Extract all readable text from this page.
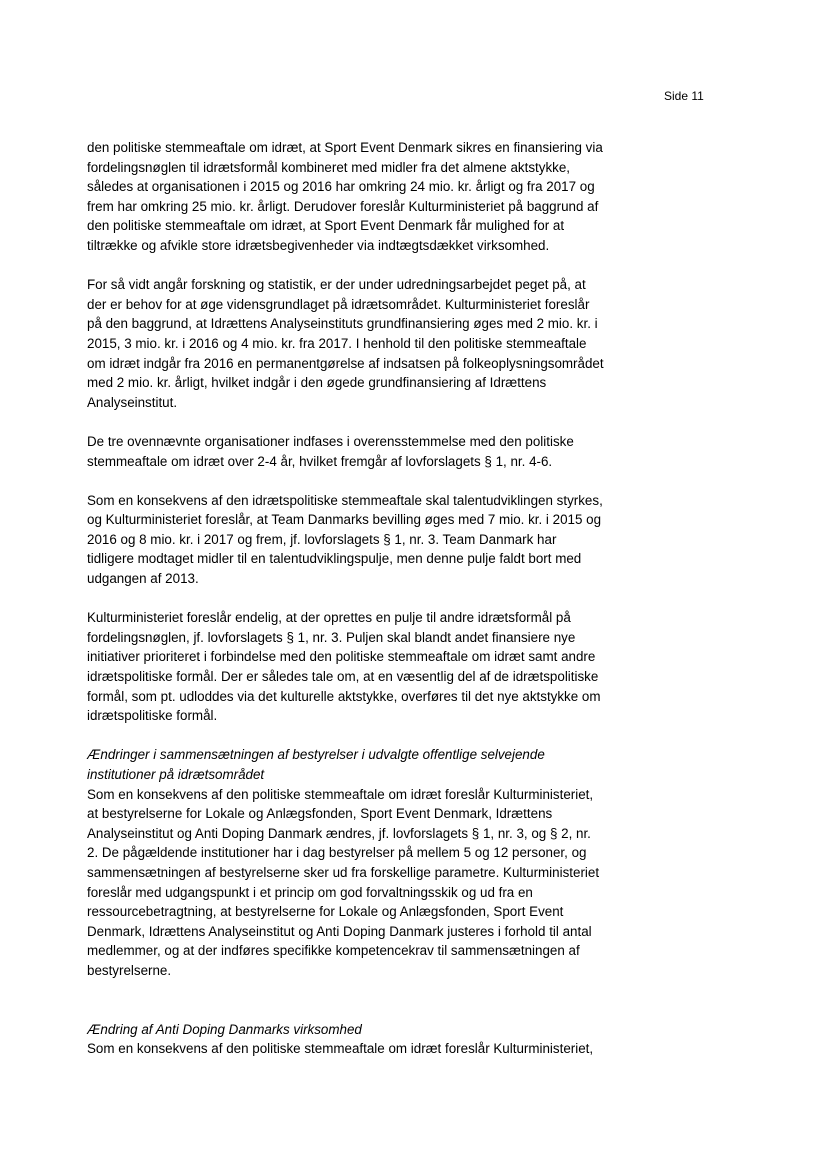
Side 11
den politiske stemmeaftale om idræt, at Sport Event Denmark sikres en finansiering via
fordelingsnøglen til idrætsformål kombineret med midler fra det almene aktstykke,
således at organisationen i 2015 og 2016 har omkring 24 mio. kr. årligt og fra 2017 og
frem har omkring 25 mio. kr. årligt. Derudover foreslår Kulturministeriet på baggrund af
den politiske stemmeaftale om idræt, at Sport Event Denmark får mulighed for at
tiltrække og afvikle store idrætsbegivenheder via indtægtsdækket virksomhed.
For så vidt angår forskning og statistik, er der under udredningsarbejdet peget på, at
der er behov for at øge vidensgrundlaget på idrætsområdet. Kulturministeriet foreslår
på den baggrund, at Idrættens Analyseinstituts grundfinansiering øges med 2 mio. kr. i
2015, 3 mio. kr. i 2016 og 4 mio. kr. fra 2017. I henhold til den politiske stemmeaftale
om idræt indgår fra 2016 en permanentgørelse af indsatsen på folkeoplysningsområdet
med 2 mio. kr. årligt, hvilket indgår i den øgede grundfinansiering af Idrættens
Analyseinstitut.
De tre ovennævnte organisationer indfases i overensstemmelse med den politiske
stemmeaftale om idræt over 2-4 år, hvilket fremgår af lovforslagets § 1, nr. 4-6.
Som en konsekvens af den idrætspolitiske stemmeaftale skal talentudviklingen styrkes,
og Kulturministeriet foreslår, at Team Danmarks bevilling øges med 7 mio. kr. i 2015 og
2016 og 8 mio. kr. i 2017 og frem, jf. lovforslagets § 1, nr. 3. Team Danmark har
tidligere modtaget midler til en talentudviklingspulje, men denne pulje faldt bort med
udgangen af 2013.
Kulturministeriet foreslår endelig, at der oprettes en pulje til andre idrætsformål på
fordelingsnøglen, jf. lovforslagets § 1, nr. 3. Puljen skal blandt andet finansiere nye
initiativer prioriteret i forbindelse med den politiske stemmeaftale om idræt samt andre
idrætspolitiske formål. Der er således tale om, at en væsentlig del af de idrætspolitiske
formål, som pt. udloddes via det kulturelle aktstykke, overføres til det nye aktstykke om
idrætspolitiske formål.
Ændringer i sammensætningen af bestyrelser i udvalgte offentlige selvejende
institutioner på idrætsområdet
Som en konsekvens af den politiske stemmeaftale om idræt foreslår Kulturministeriet,
at bestyrelserne for Lokale og Anlægsfonden, Sport Event Denmark, Idrættens
Analyseinstitut og Anti Doping Danmark ændres, jf. lovforslagets § 1, nr. 3, og § 2, nr.
2. De pågældende institutioner har i dag bestyrelser på mellem 5 og 12 personer, og
sammensætningen af bestyrelserne sker ud fra forskellige parametre. Kulturministeriet
foreslår med udgangspunkt i et princip om god forvaltningsskik og ud fra en
ressourcebetragtning, at bestyrelserne for Lokale og Anlægsfonden, Sport Event
Denmark, Idrættens Analyseinstitut og Anti Doping Danmark justeres i forhold til antal
medlemmer, og at der indføres specifikke kompetencekrav til sammensætningen af
bestyrelserne.
Ændring af Anti Doping Danmarks virksomhed
Som en konsekvens af den politiske stemmeaftale om idræt foreslår Kulturministeriet,
